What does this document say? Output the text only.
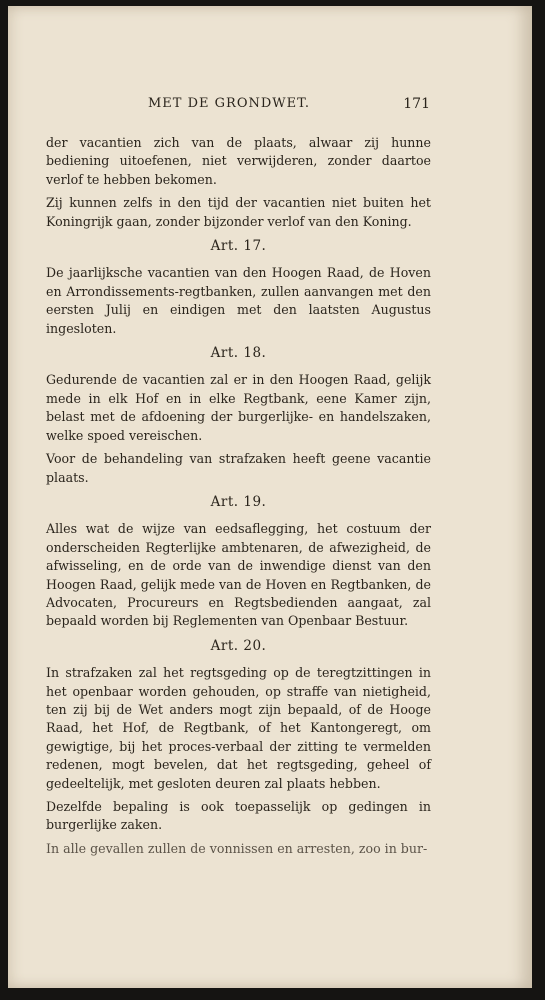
MET DE GRONDWET.	171

der vacantien zich van de plaats, alwaar zij hunne bediening uitoefenen, niet verwijderen, zonder daartoe verlof te hebben bekomen.

Zij kunnen zelfs in den tijd der vacantien niet buiten het Koningrijk gaan, zonder bijzonder verlof van den Koning.

Art. 17.

De jaarlijksche vacantien van den Hoogen Raad, de Hoven en Arrondissements-regtbanken, zullen aanvangen met den eersten Julij en eindigen met den laatsten Augustus ingesloten.

Art. 18.

Gedurende de vacantien zal er in den Hoogen Raad, gelijk mede in elk Hof en in elke Regtbank, eene Kamer zijn, belast met de afdoening der burgerlijke- en handelszaken, welke spoed vereischen.

Voor de behandeling van strafzaken heeft geene vacantie plaats.

Art. 19.

Alles wat de wijze van eedsaflegging, het costuum der onderscheiden Regterlijke ambtenaren, de afwezigheid, de afwisseling, en de orde van de inwendige dienst van den Hoogen Raad, gelijk mede van de Hoven en Regtbanken, de Advocaten, Procureurs en Regtsbedienden aangaat, zal bepaald worden bij Reglementen van Openbaar Bestuur.

Art. 20.

In strafzaken zal het regtsgeding op de teregtzittingen in het openbaar worden gehouden, op straffe van nietigheid, ten zij bij de Wet anders mogt zijn bepaald, of de Hooge Raad, het Hof, de Regtbank, of het Kantongeregt, om gewigtige, bij het proces-verbaal der zitting te vermelden redenen, mogt bevelen, dat het regtsgeding, geheel of gedeeltelijk, met gesloten deuren zal plaats hebben.

Dezelfde bepaling is ook toepasselijk op gedingen in burgerlijke zaken.

In alle gevallen zullen de vonnissen en arresten, zoo in bur-
